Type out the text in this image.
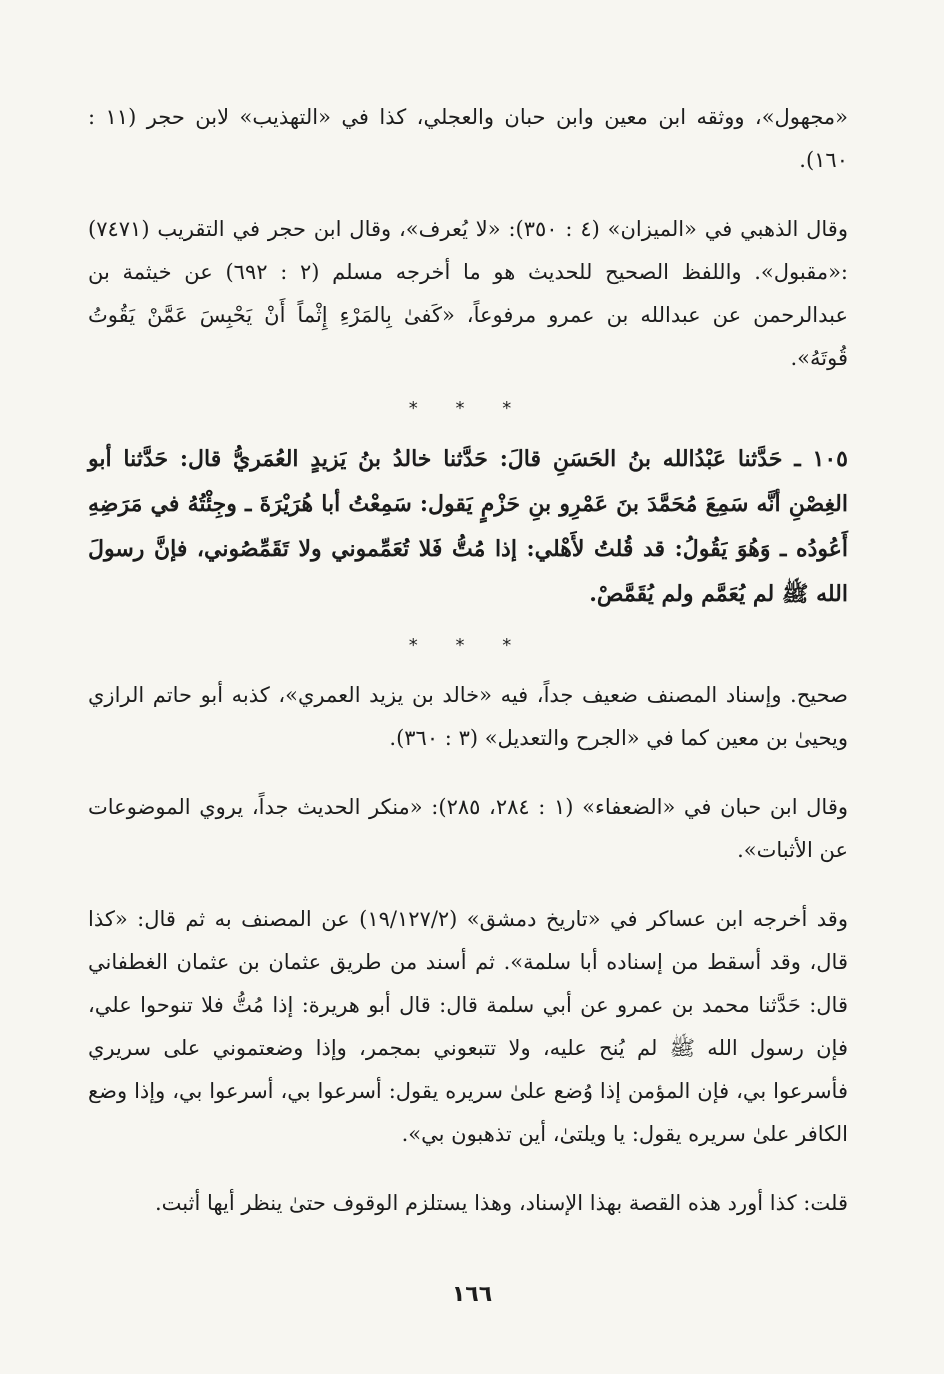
«مجهول»، ووثقه ابن معين وابن حبان والعجلي، كذا في «التهذيب» لابن حجر (١١ : ١٦٠).

وقال الذهبي في «الميزان» (٤ : ٣٥٠): «لا يُعرف»، وقال ابن حجر في التقريب (٧٤٧١) :«مقبول». واللفظ الصحيح للحديث هو ما أخرجه مسلم (٢ : ٦٩٢) عن خيثمة بن عبدالرحمن عن عبدالله بن عمرو مرفوعاً، «كَفىٰ بِالمَرْءِ إِثْماً أَنْ يَحْبِسَ عَمَّنْ يَقُوتُ قُوتَهُ».

* * *

١٠٥ ـ حَدَّثنا عَبْدُالله بنُ الحَسَنِ قالَ: حَدَّثنا خالدُ بنُ يَزيدٍ العُمَريُّ قال: حَدَّثنا أبو الغِصْنِ أنَّه سَمِعَ مُحَمَّدَ بنَ عَمْرِو بنِ حَزْمٍ يَقول: سَمِعْتُ أبا هُرَيْرَةَ ـ وجِئْتُهُ في مَرَضِهِ أَعُودُه ـ وَهُوَ يَقُولُ: قد قُلتُ لأَهْلي: إذا مُتُّ فَلا تُعَمِّموني ولا تَقَمِّصُوني، فإنَّ رسولَ الله ﷺ لم يُعَمَّم ولم يُقَمَّصْ.

* * *

صحيح. وإسناد المصنف ضعيف جداً، فيه «خالد بن يزيد العمري»، كذبه أبو حاتم الرازي ويحيىٰ بن معين كما في «الجرح والتعديل» (٣ : ٣٦٠).

وقال ابن حبان في «الضعفاء» (١ : ٢٨٤، ٢٨٥): «منكر الحديث جداً، يروي الموضوعات عن الأثبات».

وقد أخرجه ابن عساكر في «تاريخ دمشق» (١٩/١٢٧/٢) عن المصنف به ثم قال: «كذا قال، وقد أسقط من إسناده أبا سلمة». ثم أسند من طريق عثمان بن عثمان الغطفاني قال: حَدَّثنا محمد بن عمرو عن أبي سلمة قال: قال أبو هريرة: إذا مُتُّ فلا تنوحوا علي، فإن رسول الله ﷺ لم يُنح عليه، ولا تتبعوني بمجمر، وإذا وضعتموني على سريري فأسرعوا بي، فإن المؤمن إذا وُضع علىٰ سريره يقول: أسرعوا بي، أسرعوا بي، وإذا وضع الكافر علىٰ سريره يقول: يا ويلتىٰ، أين تذهبون بي».

قلت: كذا أورد هذه القصة بهذا الإسناد، وهذا يستلزم الوقوف حتىٰ ينظر أيها أثبت.

١٦٦
